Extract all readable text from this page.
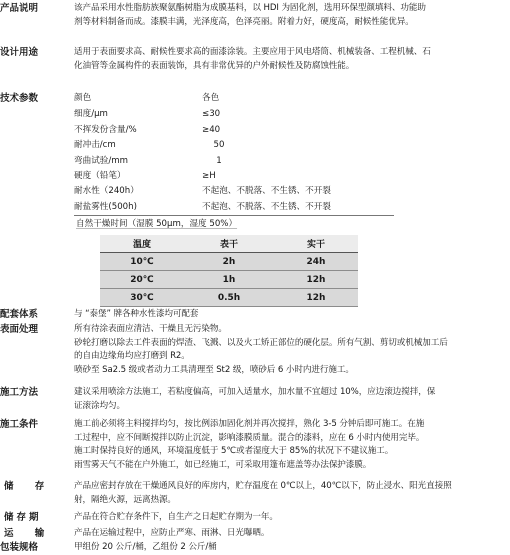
产品说明	该产品采用水性脂肪族聚氨酯树脂为成膜基料，以 HDI 为固化剂，选用环保型颜填料、功能助

剂等材料制备而成。漆膜丰满，光泽度高，色泽亮丽。附着力好，硬度高，耐候性能优异。

设计用途	适用于表面要求高、耐候性要求高的面漆涂装。主要应用于风电塔筒、机械装备、工程机械、石

化油管等金属构件的表面装饰，具有非常优异的户外耐候性及防腐蚀性能。

技术参数	颜色	各色
细度/μm	≤30
不挥发份含量/%	≥40
耐冲击/cm	50
弯曲试验/mm	1
硬度（铅笔）	≥H
耐水性（240h）	不起泡、不脱落、不生锈、不开裂
耐盐雾性(500h)	不起泡、不脱落、不生锈、不开裂
自然干燥时间（湿膜 50μm，湿度 50%）
温度	表干	实干
10℃	2h	24h
20℃	1h	12h
30℃	0.5h	12h
配套体系	与 “泰堡” 牌各种水性漆均可配套
表面处理	所有待涂表面应清洁、干燥且无污染物。

砂轮打磨以除去工件表面的焊渣、飞溅、以及火工矫正部位的硬化层。所有气割、剪切或机械加工后

的自由边缘角均应打磨到 R2。

喷砂至 Sa2.5 级或者动力工具清理至 St2 级，喷砂后 6 小时内进行施工。

施工方法	建议采用喷涂方法施工，若粘度偏高，可加入适量水，加水量不宜超过 10%，应边滚边搅拌，保

证滚涂均匀。

施工条件	施工前必须将主料搅拌均匀，按比例添加固化剂并再次搅拌，熟化 3-5 分钟后即可施工。在施

工过程中，应不间断搅拌以防止沉淀，影响漆膜质量。混合的漆料，应在 6 小时内使用完毕。

施工时保持良好的通风，环境温度低于 5℃或者湿度大于 85%的状况下不建议施工。

雨雪雾天气不能在户外施工，如已经施工，可采取用篷布遮盖等办法保护漆膜。

储 存	产品应密封存放在干燥通风良好的库房内，贮存温度在 0℃以上，40℃以下，防止浸水、阳光直接照

射，隔绝火源，远离热源。

储存期	产品在符合贮存条件下，自生产之日起贮存期为一年。
运 输	产品在运输过程中，应防止严寒、雨淋、日光曝晒。
包装规格	甲组份 20 公斤/桶，乙组份 2 公斤/桶
